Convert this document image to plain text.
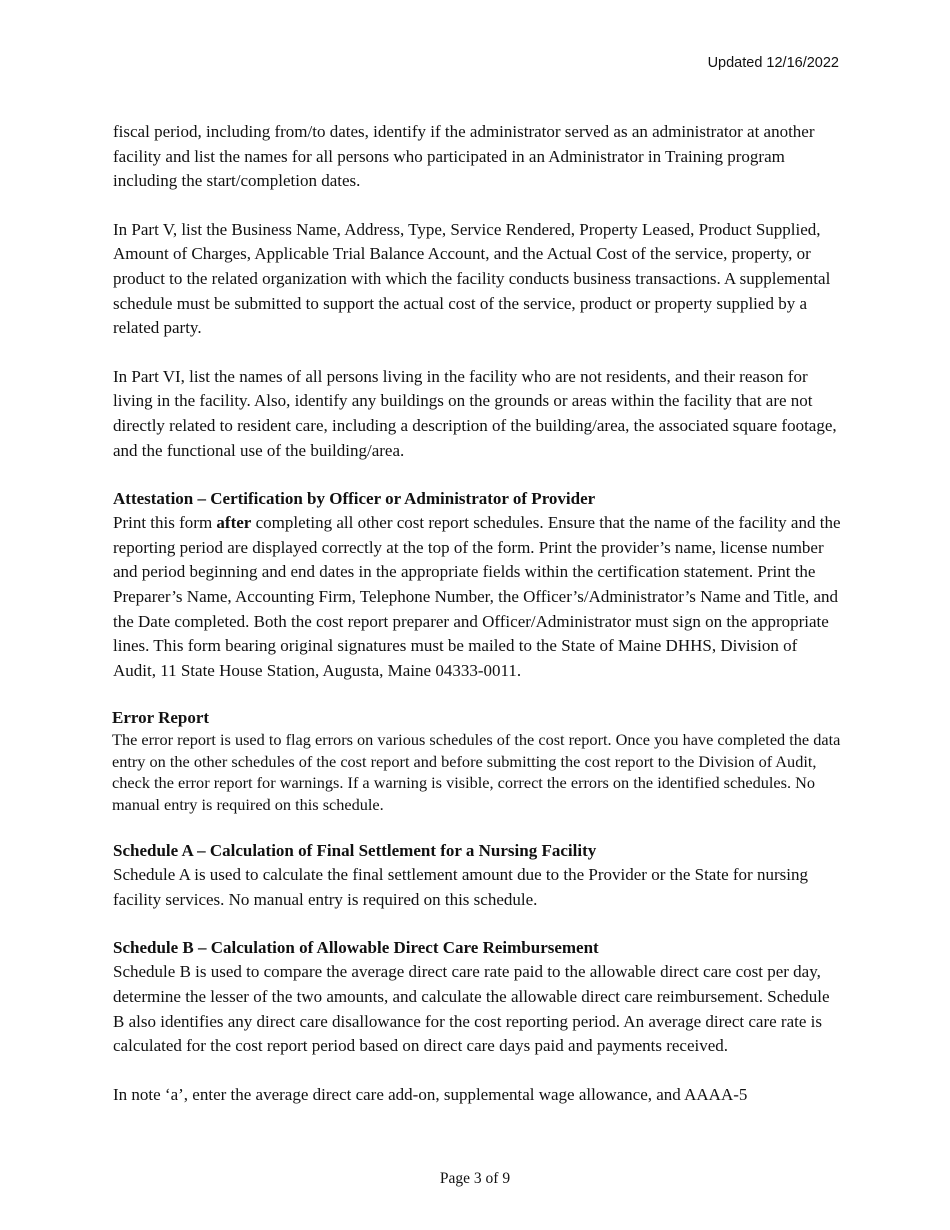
Updated 12/16/2022

fiscal period, including from/to dates, identify if the administrator served as an administrator at another facility and list the names for all persons who participated in an Administrator in Training program including the start/completion dates.

In Part V, list the Business Name, Address, Type, Service Rendered, Property Leased, Product Supplied, Amount of Charges, Applicable Trial Balance Account, and the Actual Cost of the service, property, or product to the related organization with which the facility conducts business transactions. A supplemental schedule must be submitted to support the actual cost of the service, product or property supplied by a related party.

In Part VI, list the names of all persons living in the facility who are not residents, and their reason for living in the facility. Also, identify any buildings on the grounds or areas within the facility that are not directly related to resident care, including a description of the building/area, the associated square footage, and the functional use of the building/area.

Attestation – Certification by Officer or Administrator of Provider

Print this form after completing all other cost report schedules. Ensure that the name of the facility and the reporting period are displayed correctly at the top of the form. Print the provider’s name, license number and period beginning and end dates in the appropriate fields within the certification statement. Print the Preparer’s Name, Accounting Firm, Telephone Number, the Officer’s/Administrator’s Name and Title, and the Date completed. Both the cost report preparer and Officer/Administrator must sign on the appropriate lines. This form bearing original signatures must be mailed to the State of Maine DHHS, Division of Audit, 11 State House Station, Augusta, Maine 04333-0011.

Error Report

The error report is used to flag errors on various schedules of the cost report. Once you have completed the data entry on the other schedules of the cost report and before submitting the cost report to the Division of Audit, check the error report for warnings. If a warning is visible, correct the errors on the identified schedules. No manual entry is required on this schedule.

Schedule A – Calculation of Final Settlement for a Nursing Facility

Schedule A is used to calculate the final settlement amount due to the Provider or the State for nursing facility services. No manual entry is required on this schedule.

Schedule B – Calculation of Allowable Direct Care Reimbursement

Schedule B is used to compare the average direct care rate paid to the allowable direct care cost per day, determine the lesser of the two amounts, and calculate the allowable direct care reimbursement. Schedule B also identifies any direct care disallowance for the cost reporting period. An average direct care rate is calculated for the cost report period based on direct care days paid and payments received.

In note ‘a’, enter the average direct care add-on, supplemental wage allowance, and AAAA-5

Page 3 of 9
